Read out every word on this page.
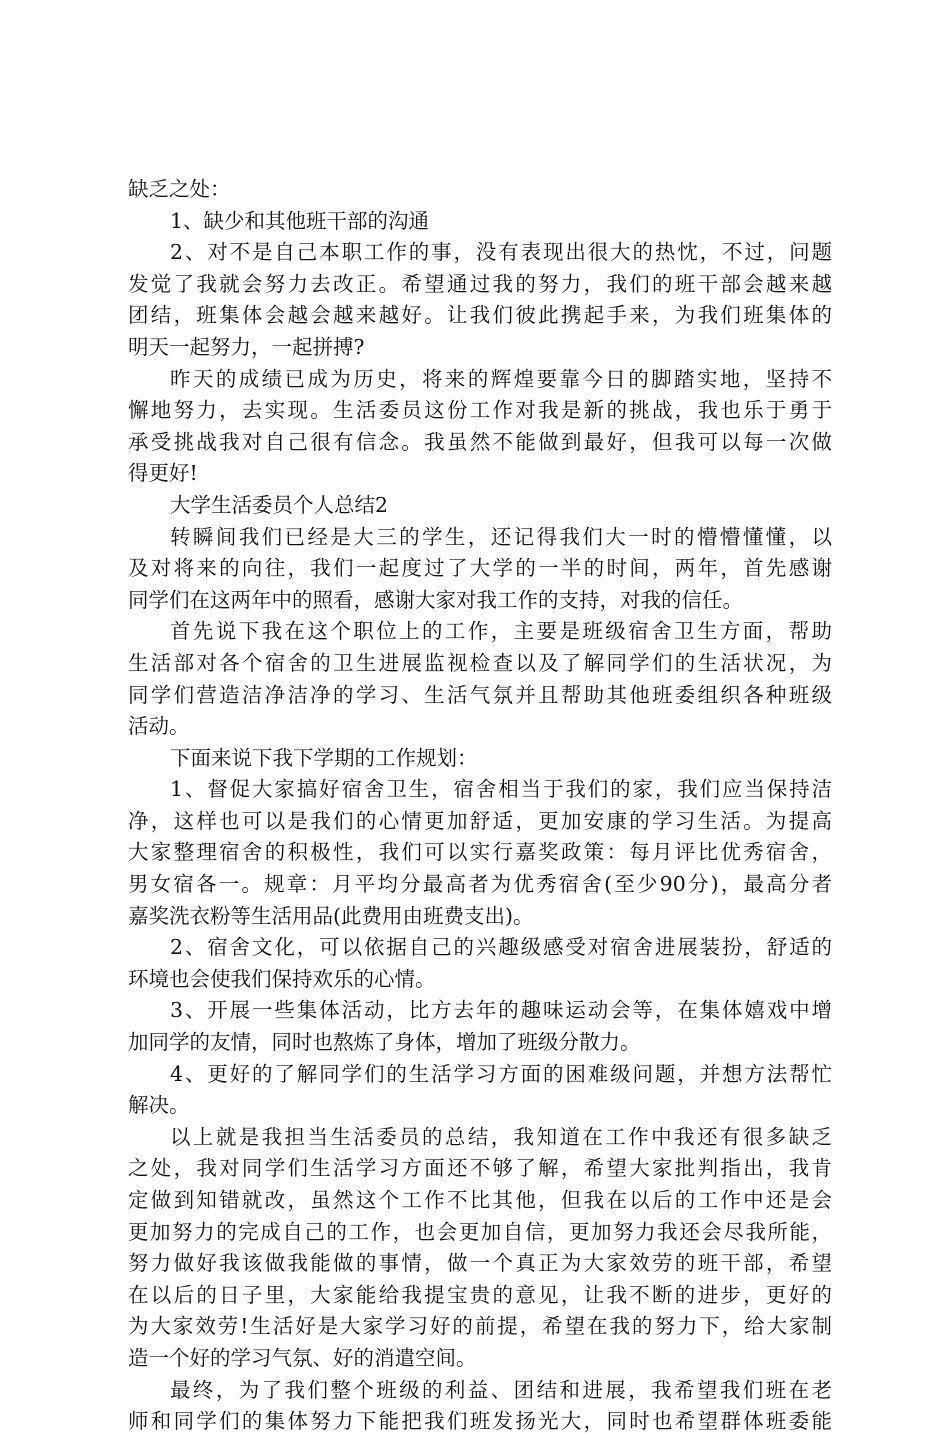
缺乏之处：
1、缺少和其他班干部的沟通
2、对不是自己本职工作的事，没有表现出很大的热忱，不过，问题
发觉了我就会努力去改正。希望通过我的努力，我们的班干部会越来越
团结，班集体会越会越来越好。让我们彼此携起手来，为我们班集体的
明天一起努力，一起拼搏?
昨天的成绩已成为历史，将来的辉煌要靠今日的脚踏实地，坚持不
懈地努力，去实现。生活委员这份工作对我是新的挑战，我也乐于勇于
承受挑战我对自己很有信念。我虽然不能做到最好，但我可以每一次做
得更好!
大学生活委员个人总结2
转瞬间我们已经是大三的学生，还记得我们大一时的懵懵懂懂，以
及对将来的向往，我们一起度过了大学的一半的时间，两年，首先感谢
同学们在这两年中的照看，感谢大家对我工作的支持，对我的信任。
首先说下我在这个职位上的工作，主要是班级宿舍卫生方面，帮助
生活部对各个宿舍的卫生进展监视检查以及了解同学们的生活状况，为
同学们营造洁净洁净的学习、生活气氛并且帮助其他班委组织各种班级
活动。
下面来说下我下学期的工作规划：
1、督促大家搞好宿舍卫生，宿舍相当于我们的家，我们应当保持洁
净，这样也可以是我们的心情更加舒适，更加安康的学习生活。为提高
大家整理宿舍的积极性，我们可以实行嘉奖政策：每月评比优秀宿舍，
男女宿各一。规章：月平均分最高者为优秀宿舍(至少90分)，最高分者
嘉奖洗衣粉等生活用品(此费用由班费支出)。
2、宿舍文化，可以依据自己的兴趣级感受对宿舍进展装扮，舒适的
环境也会使我们保持欢乐的心情。
3、开展一些集体活动，比方去年的趣味运动会等，在集体嬉戏中增
加同学的友情，同时也熬炼了身体，增加了班级分散力。
4、更好的了解同学们的生活学习方面的困难级问题，并想方法帮忙
解决。
以上就是我担当生活委员的总结，我知道在工作中我还有很多缺乏
之处，我对同学们生活学习方面还不够了解，希望大家批判指出，我肯
定做到知错就改，虽然这个工作不比其他，但我在以后的工作中还是会
更加努力的完成自己的工作，也会更加自信，更加努力我还会尽我所能，
努力做好我该做我能做的事情，做一个真正为大家效劳的班干部，希望
在以后的日子里，大家能给我提宝贵的意见，让我不断的进步，更好的
为大家效劳!生活好是大家学习好的前提，希望在我的努力下，给大家制
造一个好的学习气氛、好的消遣空间。
最终，为了我们整个班级的利益、团结和进展，我希望我们班在老
师和同学们的集体努力下能把我们班发扬光大，同时也希望群体班委能
